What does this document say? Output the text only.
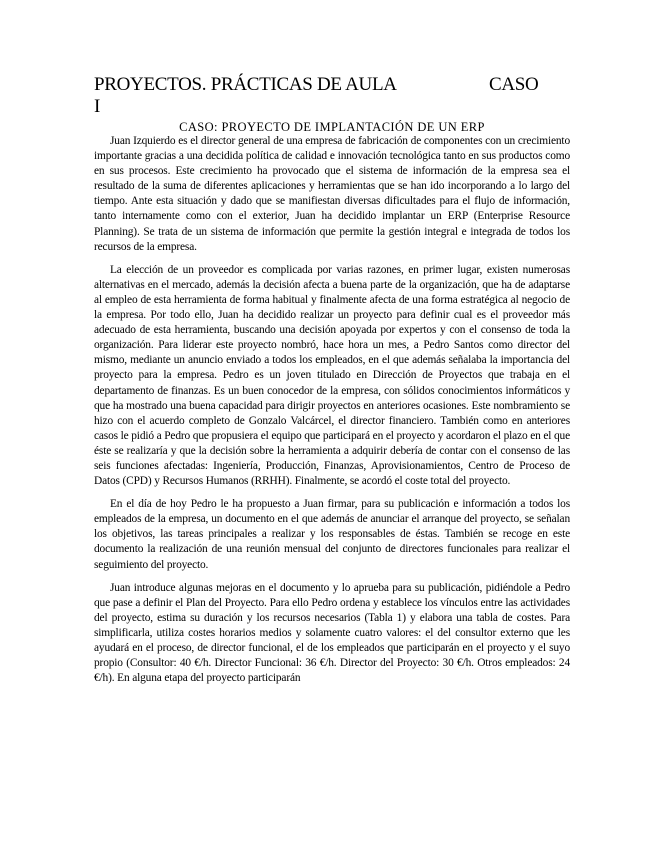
PROYECTOS. PRÁCTICAS DE AULA	CASO
I
CASO: PROYECTO DE IMPLANTACIÓN DE UN ERP

Juan Izquierdo es el director general de una empresa de fabricación de componentes con un crecimiento importante gracias a una decidida política de calidad e innovación tecnológica tanto en sus productos como en sus procesos. Este crecimiento ha provocado que el sistema de información de la empresa sea el resultado de la suma de diferentes aplicaciones y herramientas que se han ido incorporando a lo largo del tiempo. Ante esta situación y dado que se manifiestan diversas dificultades para el flujo de información, tanto internamente como con el exterior, Juan ha decidido implantar un ERP (Enterprise Resource Planning). Se trata de un sistema de información que permite la gestión integral e integrada de todos los recursos de la empresa.

La elección de un proveedor es complicada por varias razones, en primer lugar, existen numerosas alternativas en el mercado, además la decisión afecta a buena parte de la organización, que ha de adaptarse al empleo de esta herramienta de forma habitual y finalmente afecta de una forma estratégica al negocio de la empresa. Por todo ello, Juan ha decidido realizar un proyecto para definir cual es el proveedor más adecuado de esta herramienta, buscando una decisión apoyada por expertos y con el consenso de toda la organización. Para liderar este proyecto nombró, hace hora un mes, a Pedro Santos como director del mismo, mediante un anuncio enviado a todos los empleados, en el que además señalaba la importancia del proyecto para la empresa. Pedro es un joven titulado en Dirección de Proyectos que trabaja en el departamento de finanzas. Es un buen conocedor de la empresa, con sólidos conocimientos informáticos y que ha mostrado una buena capacidad para dirigir proyectos en anteriores ocasiones. Este nombramiento se hizo con el acuerdo completo de Gonzalo Valcárcel, el director financiero. También como en anteriores casos le pidió a Pedro que propusiera el equipo que participará en el proyecto y acordaron el plazo en el que éste se realizaría y que la decisión sobre la herramienta a adquirir debería de contar con el consenso de las seis funciones afectadas: Ingeniería, Producción, Finanzas, Aprovisionamientos, Centro de Proceso de Datos (CPD) y Recursos Humanos (RRHH). Finalmente, se acordó el coste total del proyecto.

En el día de hoy Pedro le ha propuesto a Juan firmar, para su publicación e información a todos los empleados de la empresa, un documento en el que además de anunciar el arranque del proyecto, se señalan los objetivos, las tareas principales a realizar y los responsables de éstas. También se recoge en este documento la realización de una reunión mensual del conjunto de directores funcionales para realizar el seguimiento del proyecto.

Juan introduce algunas mejoras en el documento y lo aprueba para su publicación, pidiéndole a Pedro que pase a definir el Plan del Proyecto. Para ello Pedro ordena y establece los vínculos entre las actividades del proyecto, estima su duración y los recursos necesarios (Tabla 1) y elabora una tabla de costes. Para simplificarla, utiliza costes horarios medios y solamente cuatro valores: el del consultor externo que les ayudará en el proceso, de director funcional, el de los empleados que participarán en el proyecto y el suyo propio (Consultor: 40 €/h. Director Funcional: 36 €/h. Director del Proyecto: 30 €/h. Otros empleados: 24 €/h). En alguna etapa del proyecto participarán
